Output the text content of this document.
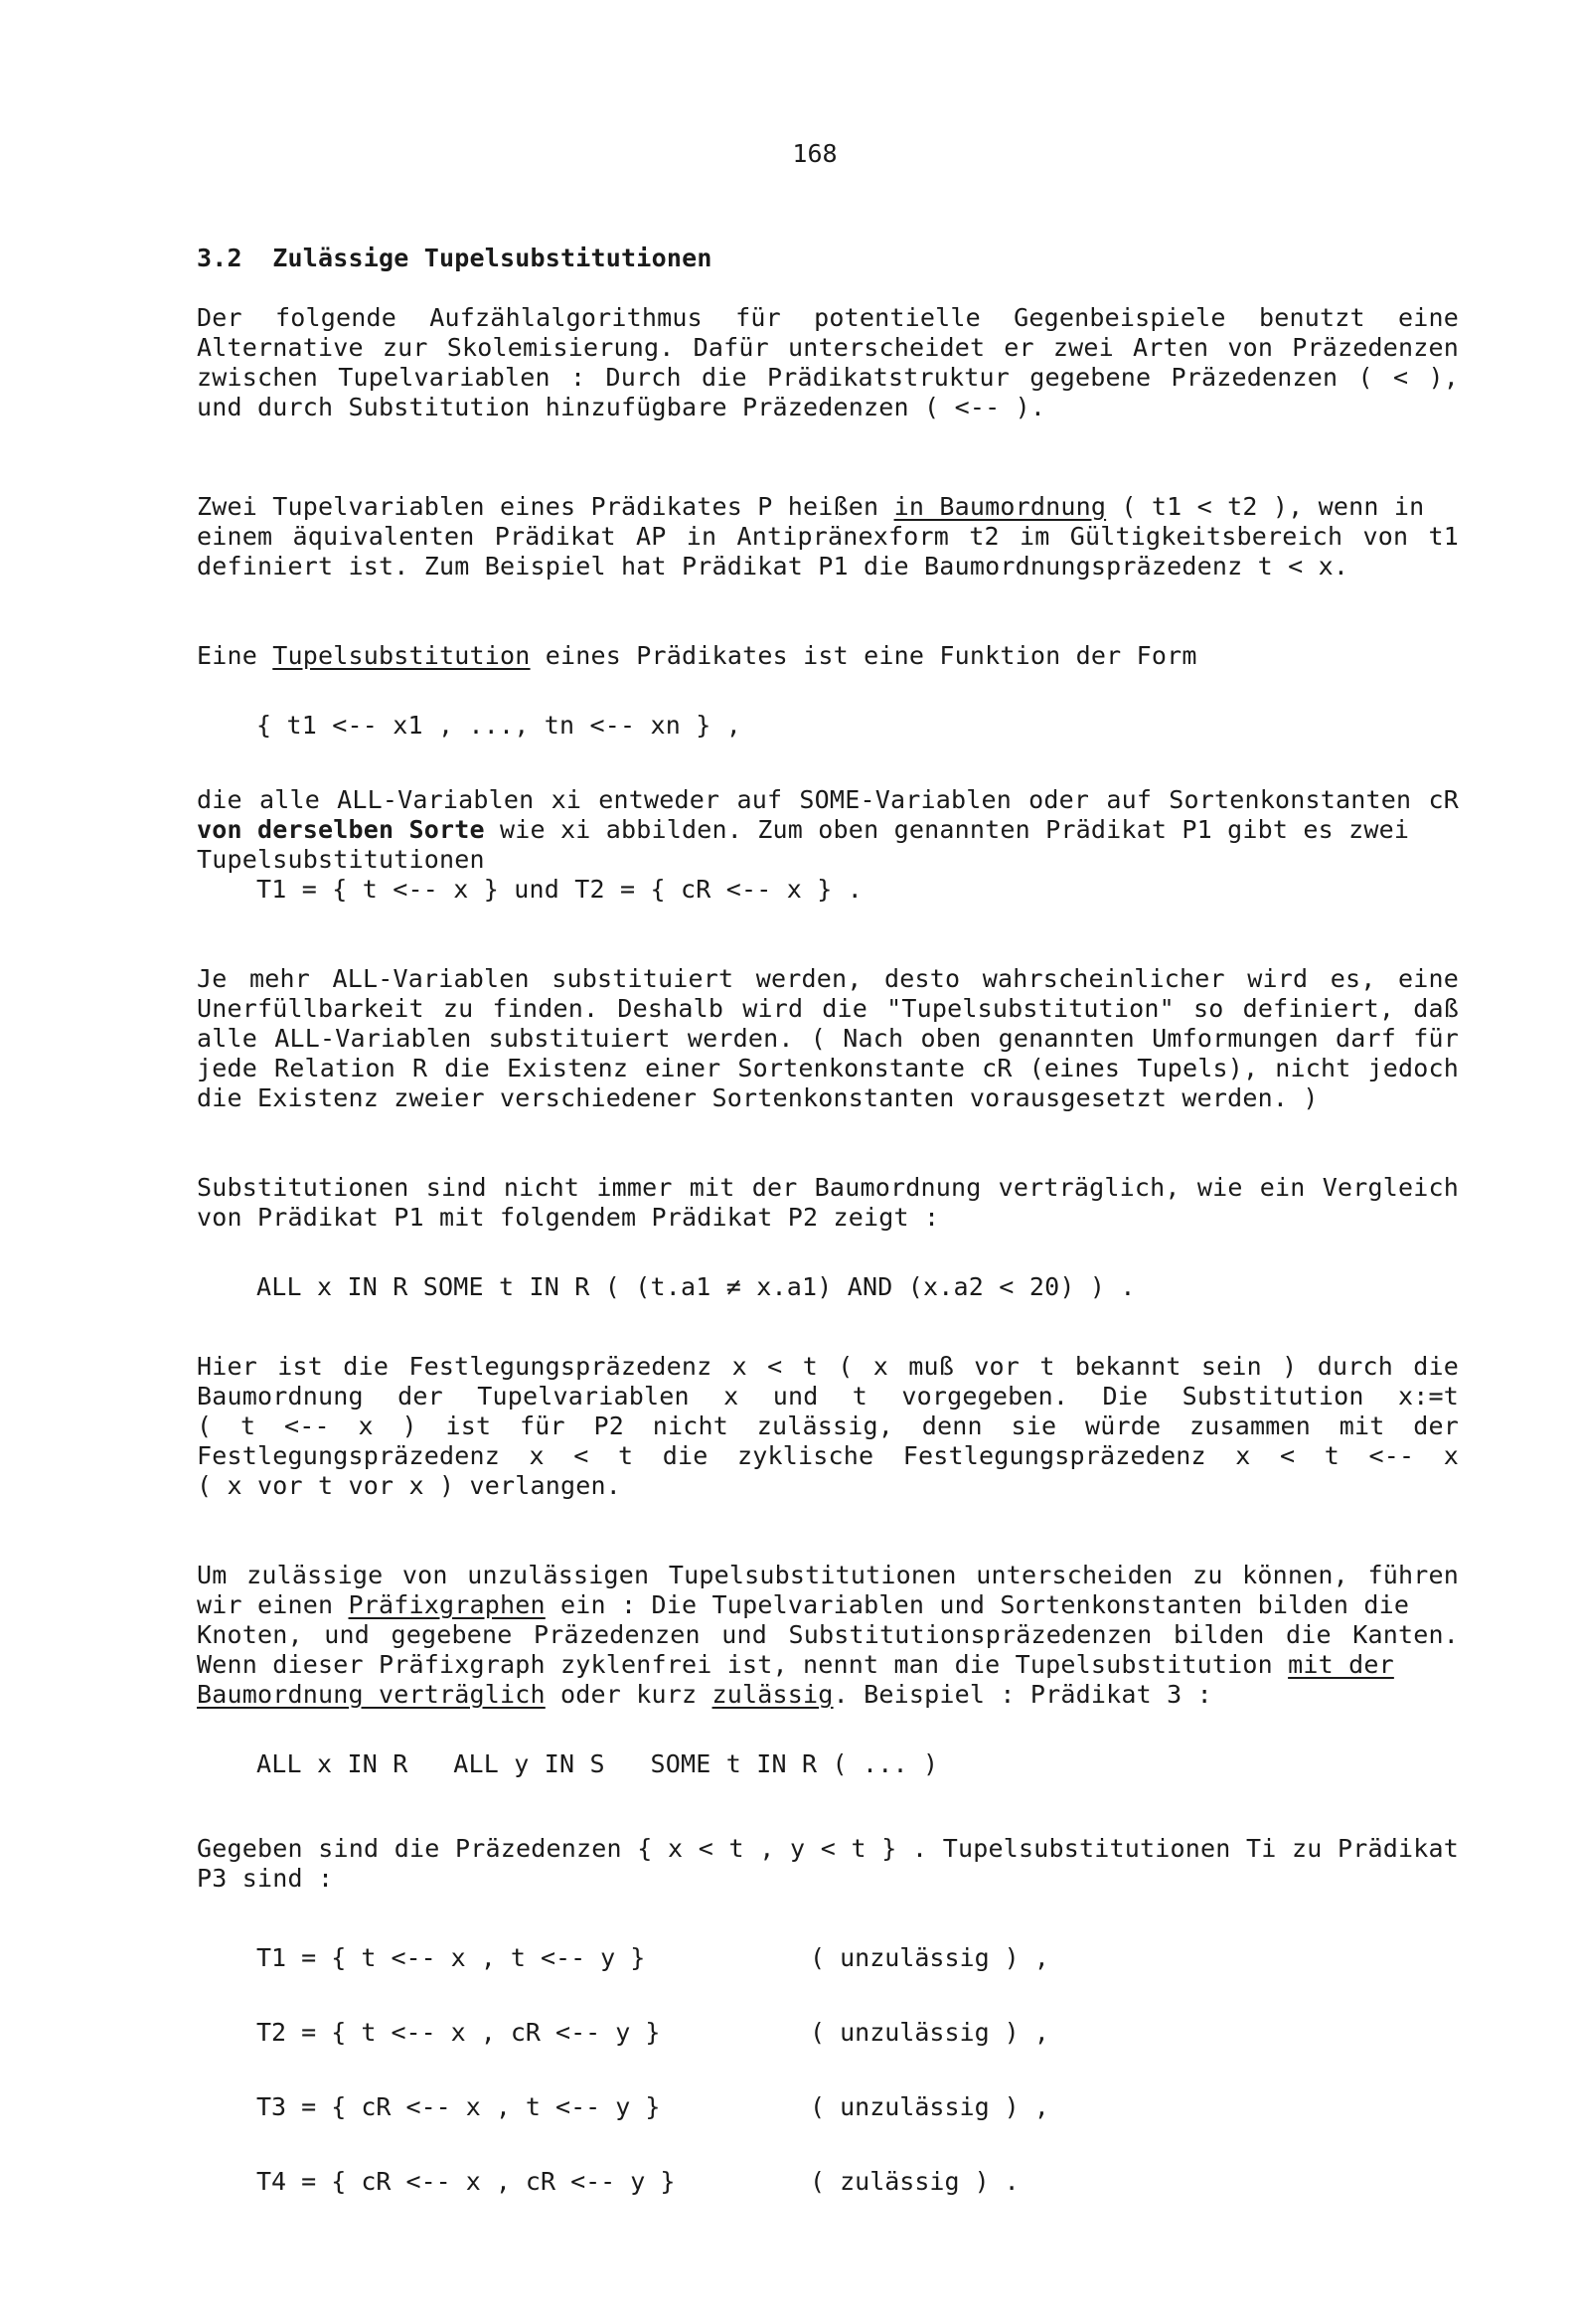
168
3.2 Zulässige Tupelsubstitutionen
Der folgende Aufzählalgorithmus für potentielle Gegenbeispiele benutzt eine
Alternative zur Skolemisierung. Dafür unterscheidet er zwei Arten von Präzedenzen
zwischen Tupelvariablen : Durch die Prädikatstruktur gegebene Präzedenzen ( < ),
und durch Substitution hinzufügbare Präzedenzen ( <-- ).
Zwei Tupelvariablen eines Prädikates P heißen in Baumordnung ( t1 < t2 ), wenn in
einem äquivalenten Prädikat AP in Antipränexform t2 im Gültigkeitsbereich von t1
definiert ist. Zum Beispiel hat Prädikat P1 die Baumordnungspräzedenz t < x.
Eine Tupelsubstitution eines Prädikates ist eine Funktion der Form
{ t1 <-- x1 , ..., tn <-- xn } ,
die alle ALL-Variablen xi entweder auf SOME-Variablen oder auf Sortenkonstanten cR
von derselben Sorte wie xi abbilden. Zum oben genannten Prädikat P1 gibt es zwei
Tupelsubstitutionen
T1 = { t <-- x } und T2 = { cR <-- x } .
Je mehr ALL-Variablen substituiert werden, desto wahrscheinlicher wird es, eine
Unerfüllbarkeit zu finden. Deshalb wird die "Tupelsubstitution" so definiert, daß
alle ALL-Variablen substituiert werden. ( Nach oben genannten Umformungen darf für
jede Relation R die Existenz einer Sortenkonstante cR (eines Tupels), nicht jedoch
die Existenz zweier verschiedener Sortenkonstanten vorausgesetzt werden. )
Substitutionen sind nicht immer mit der Baumordnung verträglich, wie ein Vergleich
von Prädikat P1 mit folgendem Prädikat P2 zeigt :
ALL x IN R SOME t IN R ( (t.a1 ≠ x.a1) AND (x.a2 < 20) ) .
Hier ist die Festlegungspräzedenz x < t ( x muß vor t bekannt sein ) durch die
Baumordnung der Tupelvariablen x und t vorgegeben. Die Substitution x:=t
( t <-- x ) ist für P2 nicht zulässig, denn sie würde zusammen mit der
Festlegungspräzedenz x < t die zyklische Festlegungspräzedenz x < t <-- x
( x vor t vor x ) verlangen.
Um zulässige von unzulässigen Tupelsubstitutionen unterscheiden zu können, führen
wir einen Präfixgraphen ein : Die Tupelvariablen und Sortenkonstanten bilden die
Knoten, und gegebene Präzedenzen und Substitutionspräzedenzen bilden die Kanten.
Wenn dieser Präfixgraph zyklenfrei ist, nennt man die Tupelsubstitution mit der
Baumordnung verträglich oder kurz zulässig. Beispiel : Prädikat 3 :
ALL x IN R   ALL y IN S   SOME t IN R ( ... )
Gegeben sind die Präzedenzen { x < t , y < t } . Tupelsubstitutionen Ti zu Prädikat
P3 sind :
T1 = { t <-- x , t <-- y }	( unzulässig ) ,
T2 = { t <-- x , cR <-- y }	( unzulässig ) ,
T3 = { cR <-- x , t <-- y }	( unzulässig ) ,
T4 = { cR <-- x , cR <-- y }	( zulässig ) .
